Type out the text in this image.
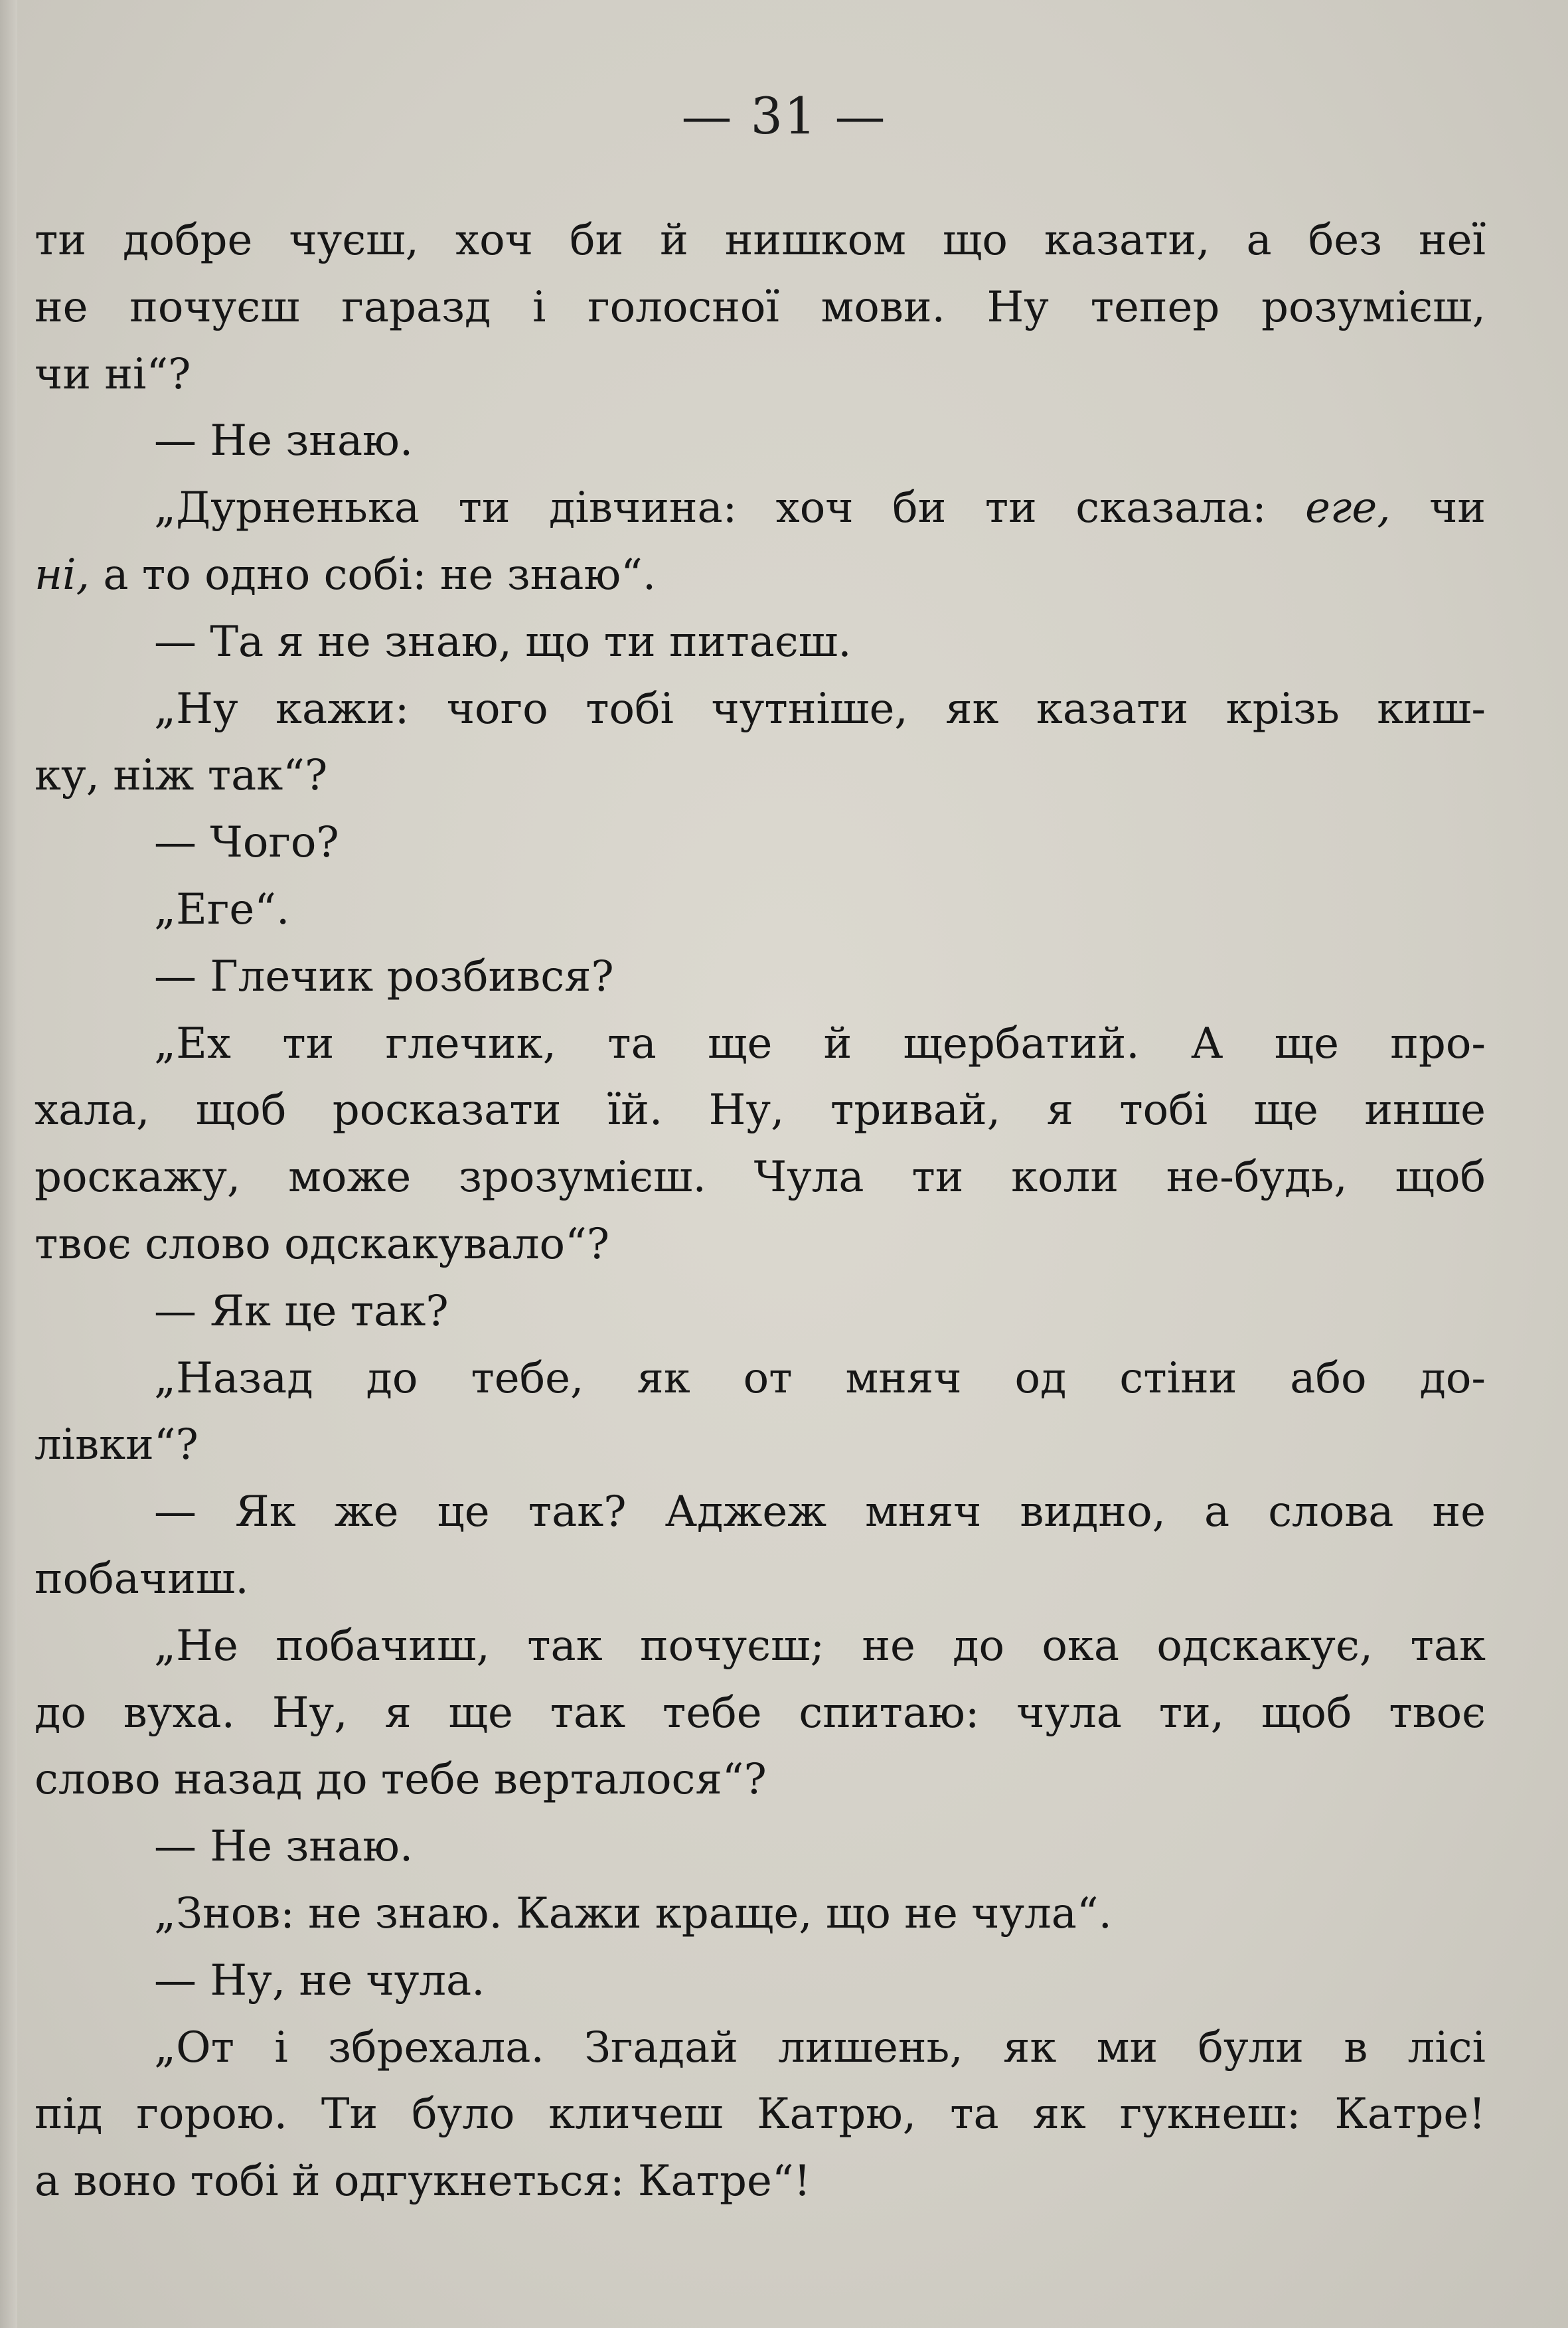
— 31 —
ти добре чуєш, хоч би й нишком що казати, а без неї
не почуєш гаразд і голосної мови. Ну тепер розумієш,
чи ні“?
— Не знаю.
„Дурненька ти дівчина: хоч би ти сказала: еге, чи
ні, а то одно собі: не знаю“.
— Та я не знаю, що ти питаєш.
„Ну кажи: чого тобі чутніше, як казати крізь киш-
ку, ніж так“?
— Чого?
„Еге“.
— Глечик розбився?
„Ех ти глечик, та ще й щербатий. А ще про-
хала, щоб росказати їй. Ну, тривай, я тобі ще инше
роскажу, може зрозумієш. Чула ти коли не-будь, щоб
твоє слово одскакувало“?
— Як це так?
„Назад до тебе, як от мняч од стіни або до-
лівки“?
— Як же це так? Аджеж мняч видно, а слова не
побачиш.
„Не побачиш, так почуєш; не до ока одскакує, так
до вуха. Ну, я ще так тебе спитаю: чула ти, щоб твоє
слово назад до тебе верталося“?
— Не знаю.
„Знов: не знаю. Кажи краще, що не чула“.
— Ну, не чула.
„От і збрехала. Згадай лишень, як ми були в лісі
під горою. Ти було кличеш Катрю, та як гукнеш: Катре!
а воно тобі й одгукнеться: Катре“!
